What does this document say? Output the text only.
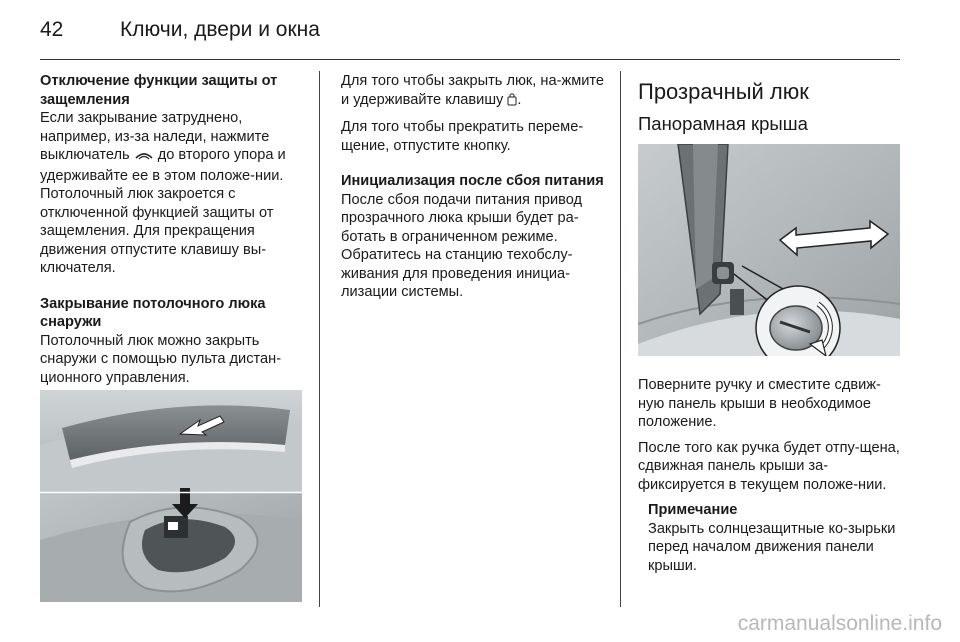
42	Ключи, двери и окна
Отключение функции защиты от защемления

Если закрывание затруднено, например, из-за наледи, нажмите выключатель до второго упора и удерживайте ее в этом положе-нии. Потолочный люк закроется с отключенной функцией защиты от защемления. Для прекращения движения отпустите клавишу вы-ключателя.

Закрывание потолочного люка снаружи

Потолочный люк можно закрыть снаружи с помощью пульта дистан-ционного управления.

Для того чтобы закрыть люк, на-жмите и удерживайте клавишу .

Для того чтобы прекратить переме-щение, отпустите кнопку.

Инициализация после сбоя питания

После сбоя подачи питания привод прозрачного люка крыши будет ра-ботать в ограниченном режиме. Обратитесь на станцию техобслу-живания для проведения инициа-лизации системы.

Прозрачный люк
Панорамная крыша

Поверните ручку и сместите сдвиж-ную панель крыши в необходимое положение.

После того как ручка будет отпу-щена, сдвижная панель крыши за-фиксируется в текущем положе-нии.

Примечание

Закрыть солнцезащитные ко-зырьки перед началом движения панели крыши.

carmanualsonline.info
